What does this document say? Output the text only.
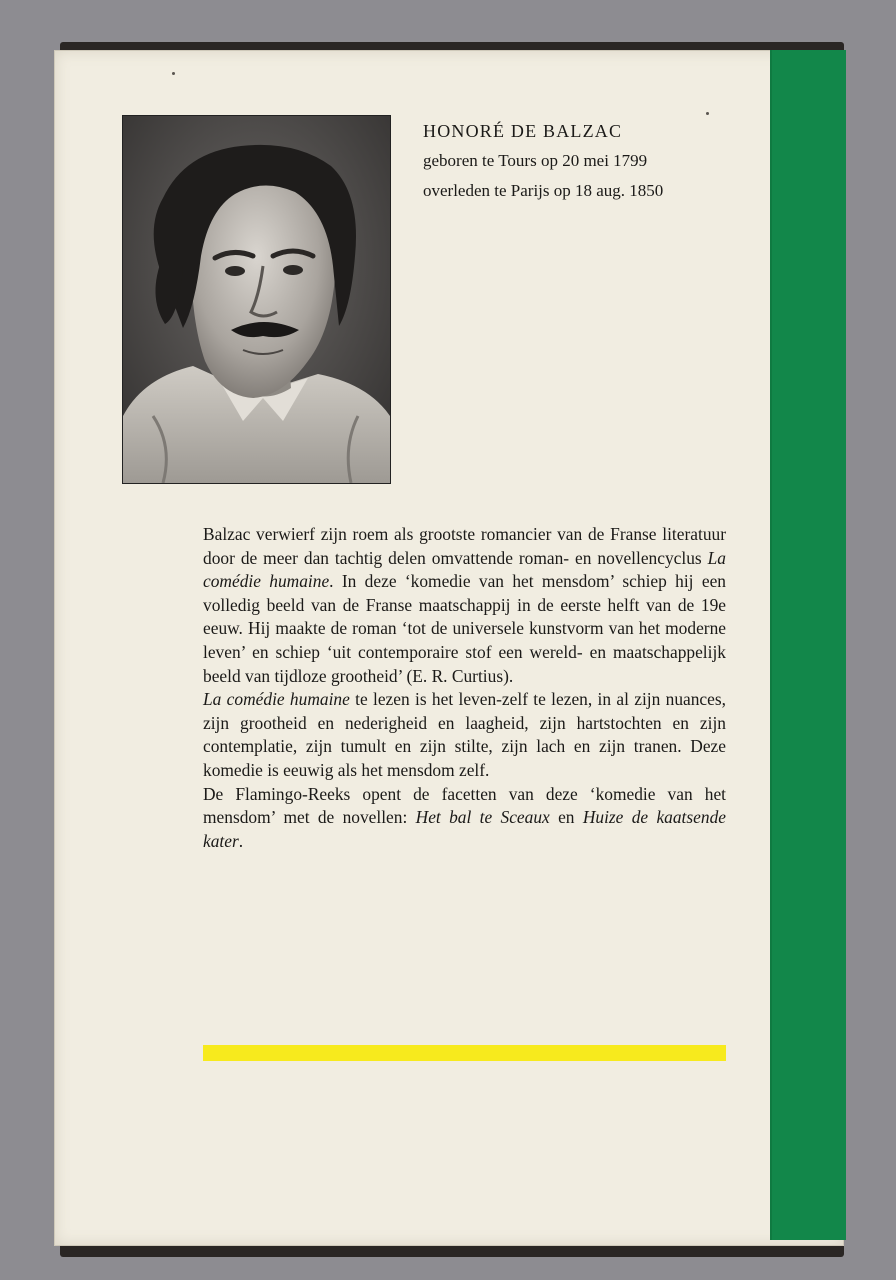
HONORÉ DE BALZAC

geboren te Tours op 20 mei 1799

overleden te Parijs op 18 aug. 1850

Balzac verwierf zijn roem als grootste romancier van de Franse literatuur door de meer dan tachtig delen omvattende roman- en novellencyclus La comédie humaine. In deze ‘komedie van het mensdom’ schiep hij een volledig beeld van de Franse maatschappij in de eerste helft van de 19e eeuw. Hij maakte de roman ‘tot de universele kunstvorm van het moderne leven’ en schiep ‘uit contemporaire stof een wereld- en maatschappelijk beeld van tijdloze grootheid’ (E. R. Curtius).

La comédie humaine te lezen is het leven-zelf te lezen, in al zijn nuances, zijn grootheid en nederigheid en laagheid, zijn hartstochten en zijn contemplatie, zijn tumult en zijn stilte, zijn lach en zijn tranen. Deze komedie is eeuwig als het mensdom zelf.

De Flamingo-Reeks opent de facetten van deze ‘komedie van het mensdom’ met de novellen: Het bal te Sceaux en Huize de kaatsende kater.
